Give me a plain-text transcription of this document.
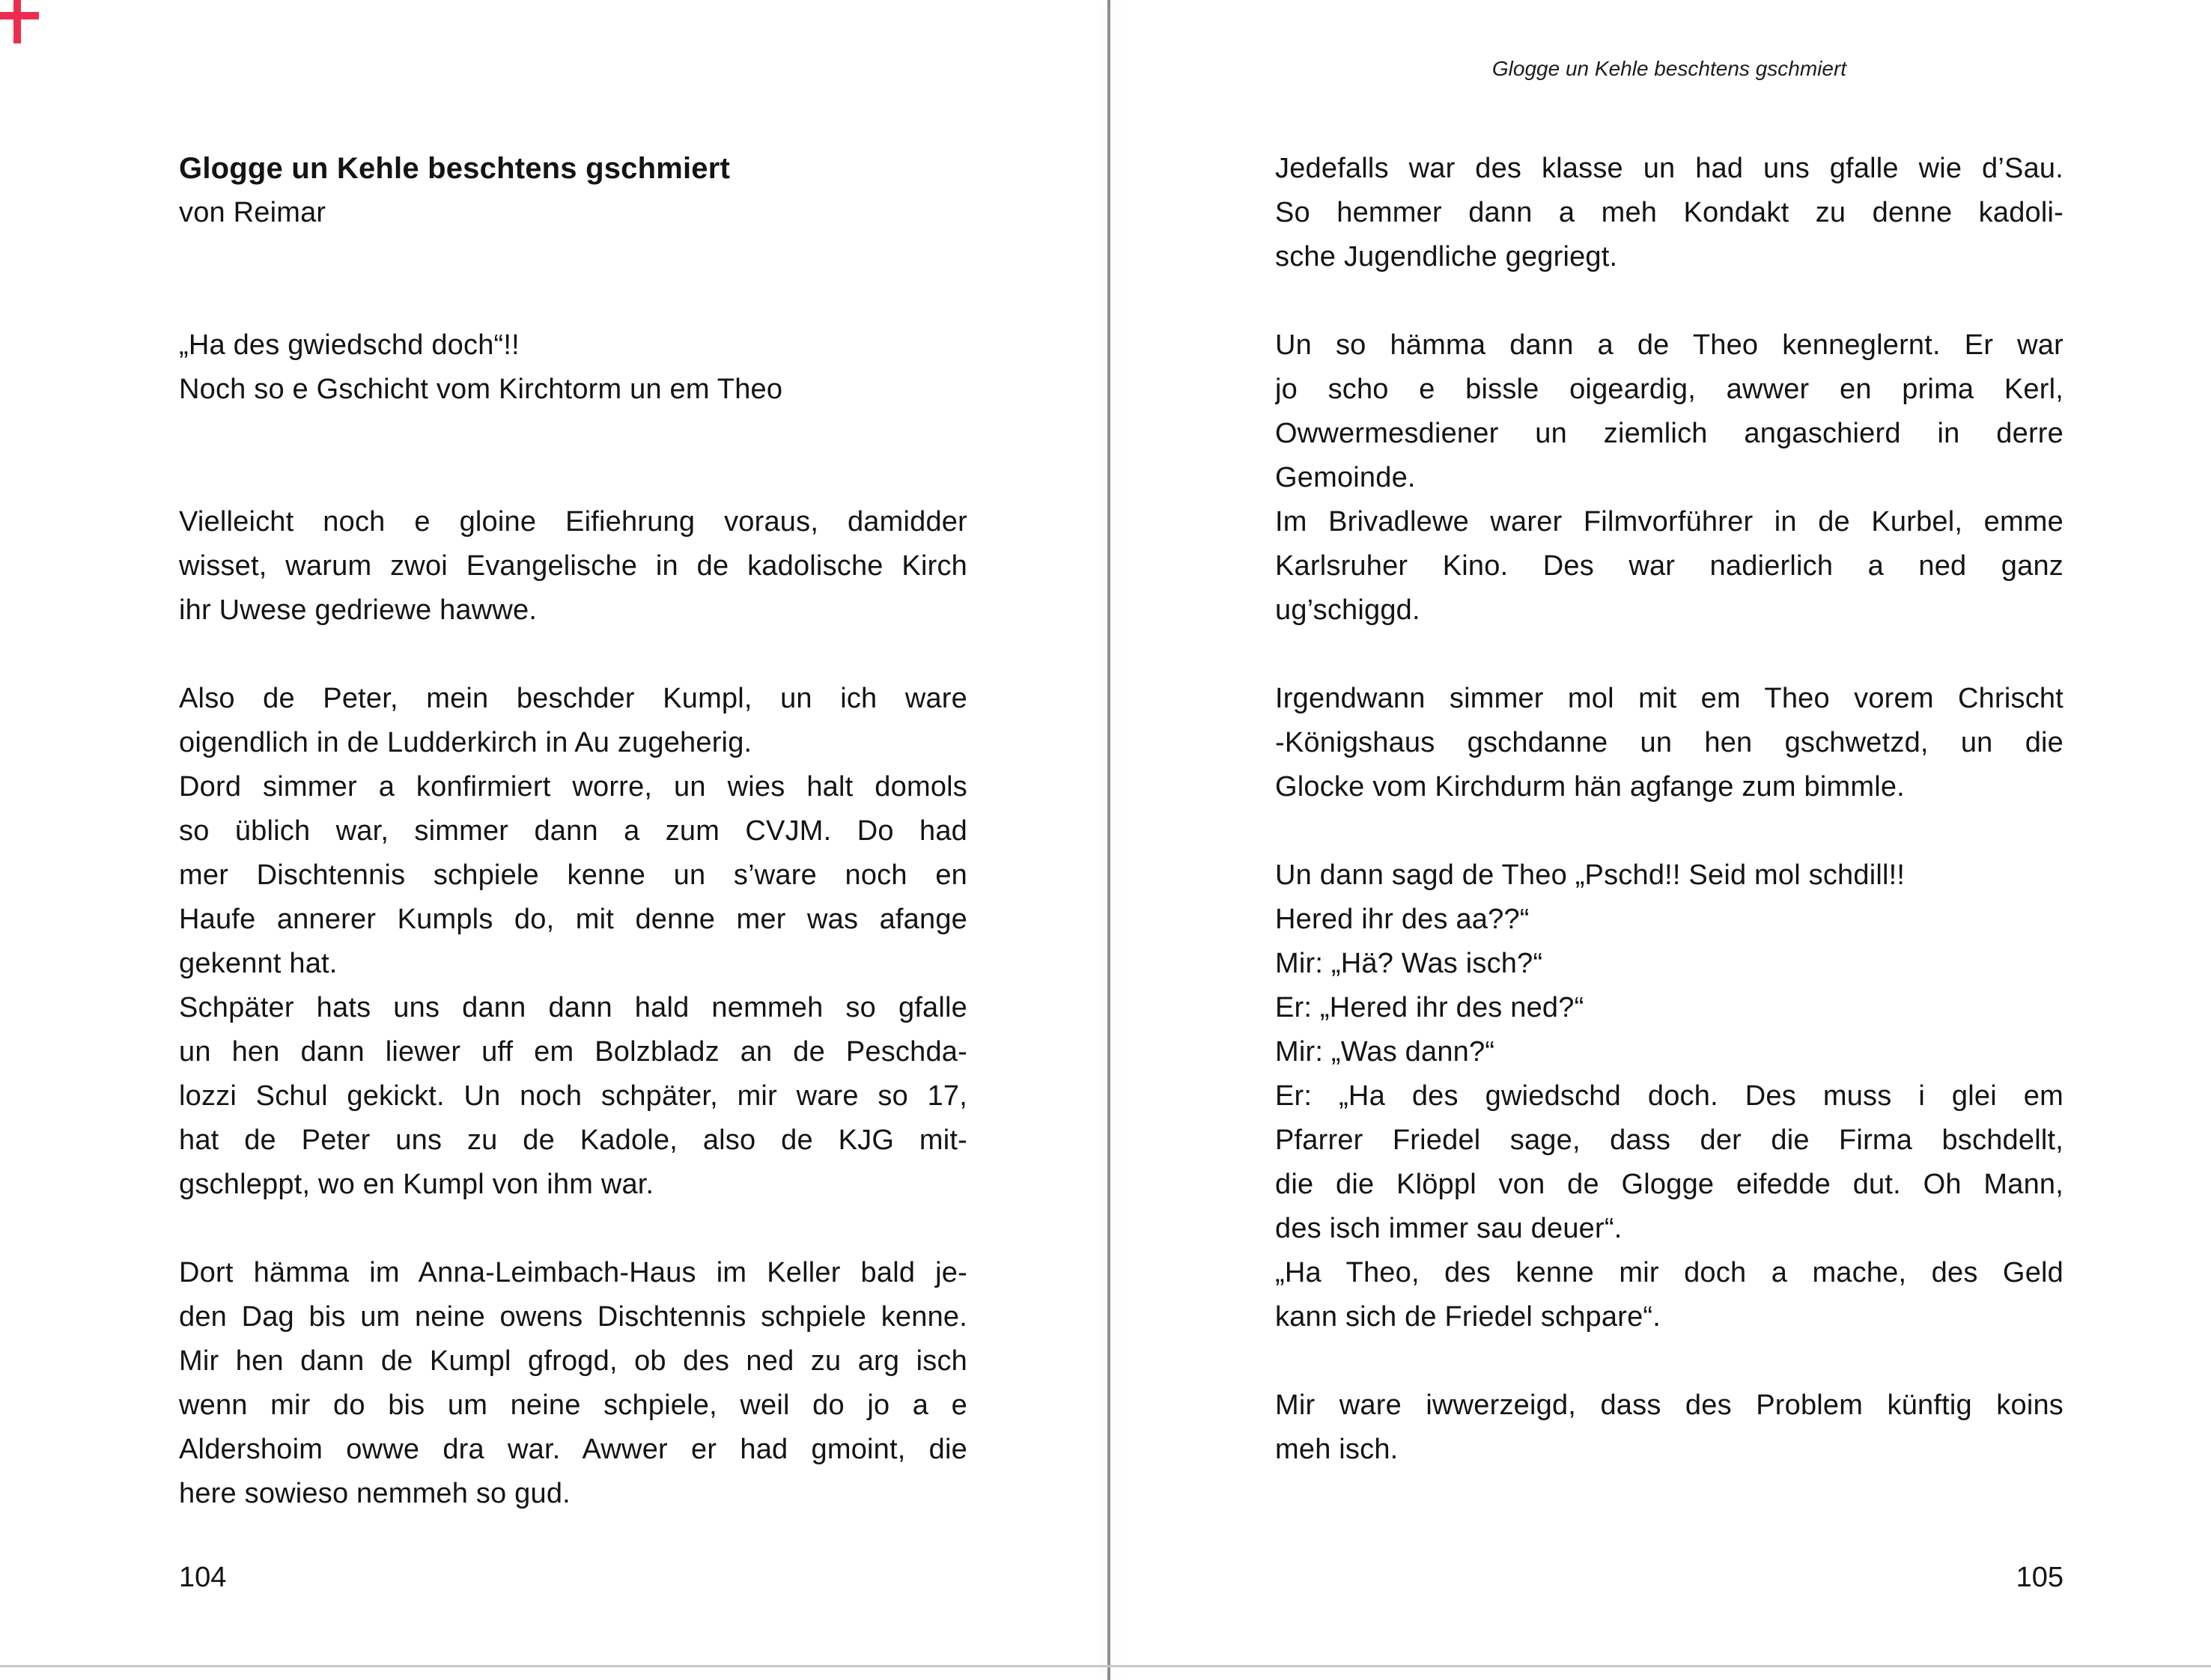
Glogge un Kehle beschtens gschmiert
Glogge un Kehle beschtens gschmiert
von Reimar

„Ha des gwiedschd doch“!!
Noch so e Gschicht vom Kirchtorm un em Theo

Vielleicht noch e gloine Eifiehrung voraus, damidder
wisset, warum zwoi Evangelische in de kadolische Kirch
ihr Uwese gedriewe hawwe.

Also de Peter, mein beschder Kumpl, un ich ware
oigendlich in de Ludderkirch in Au zugeherig.
Dord simmer a konfirmiert worre, un wies halt domols
so üblich war, simmer dann a zum CVJM. Do had
mer Dischtennis schpiele kenne un s’ware noch en
Haufe annerer Kumpls do, mit denne mer was afange
gekennt hat.
Schpäter hats uns dann dann hald nemmeh so gfalle
un hen dann liewer uff em Bolzbladz an de Peschda-
lozzi Schul gekickt. Un noch schpäter, mir ware so 17,
hat de Peter uns zu de Kadole, also de KJG mit-
gschleppt, wo en Kumpl von ihm war.

Dort hämma im Anna-Leimbach-Haus im Keller bald je-
den Dag bis um neine owens Dischtennis schpiele kenne.
Mir hen dann de Kumpl gfrogd, ob des ned zu arg isch
wenn mir do bis um neine schpiele, weil do jo a e
Aldershoim owwe dra war. Awwer er had gmoint, die
here sowieso nemmeh so gud.
Jedefalls war des klasse un had uns gfalle wie d’Sau.
So hemmer dann a meh Kondakt zu denne kadoli-
sche Jugendliche gegriegt.

Un so hämma dann a de Theo kenneglernt. Er war
jo scho e bissle oigeardig, awwer en prima Kerl,
Owwermesdiener un ziemlich angaschierd in derre
Gemoinde.
Im Brivadlewe warer Filmvorführer in de Kurbel, emme
Karlsruher Kino. Des war nadierlich a ned ganz
ug’schiggd.

Irgendwann simmer mol mit em Theo vorem Chrischt
-Königshaus gschdanne un hen gschwetzd, un die
Glocke vom Kirchdurm hän agfange zum bimmle.

Un dann sagd de Theo „Pschd!! Seid mol schdill!!
Hered ihr des aa??“
Mir: „Hä? Was isch?“
Er: „Hered ihr des ned?“
Mir: „Was dann?“
Er: „Ha des gwiedschd doch. Des muss i glei em
Pfarrer Friedel sage, dass der die Firma bschdellt,
die die Klöppl von de Glogge eifedde dut. Oh Mann,
des isch immer sau deuer“.
„Ha Theo, des kenne mir doch a mache, des Geld
kann sich de Friedel schpare“.

Mir ware iwwerzeigd, dass des Problem künftig koins
meh isch.
104	105
